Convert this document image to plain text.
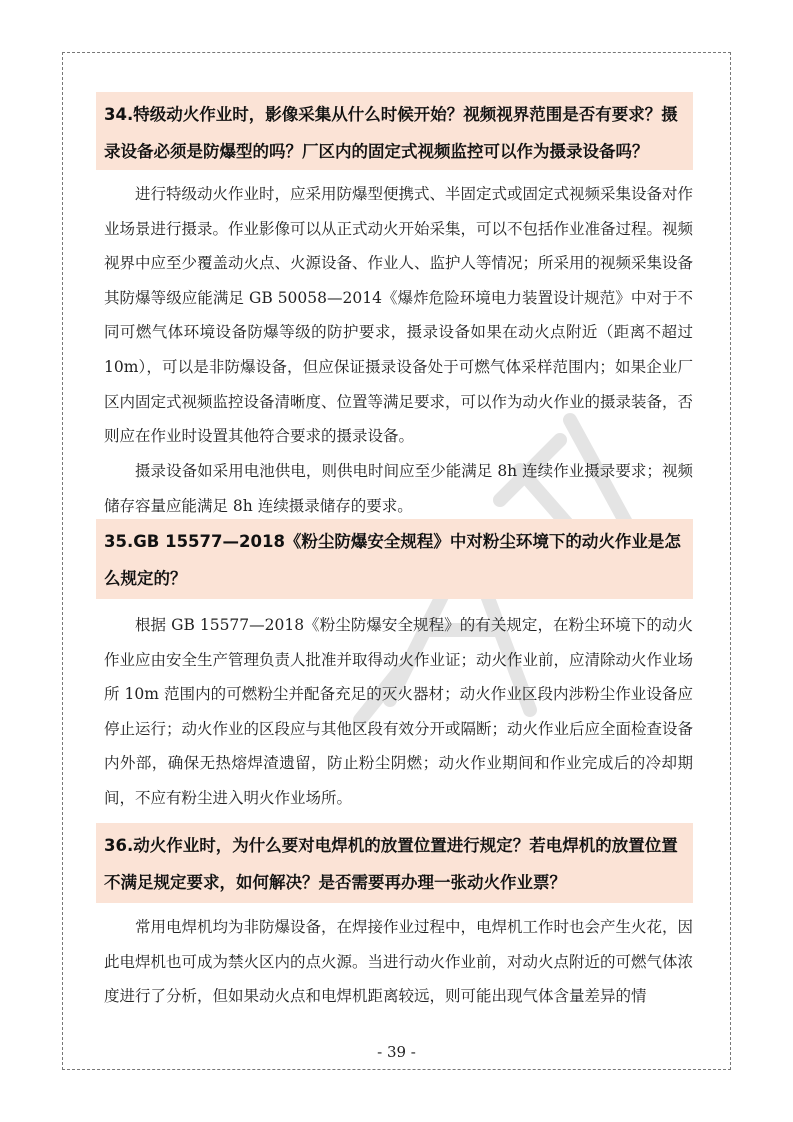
34.特级动火作业时，影像采集从什么时候开始？视频视界范围是否有要求？摄录设备必须是防爆型的吗？厂区内的固定式视频监控可以作为摄录设备吗？

进行特级动火作业时，应采用防爆型便携式、半固定式或固定式视频采集设备对作业场景进行摄录。作业影像可以从正式动火开始采集，可以不包括作业准备过程。视频视界中应至少覆盖动火点、火源设备、作业人、监护人等情况；所采用的视频采集设备其防爆等级应能满足 GB 50058—2014《爆炸危险环境电力装置设计规范》中对于不同可燃气体环境设备防爆等级的防护要求，摄录设备如果在动火点附近（距离不超过 10m），可以是非防爆设备，但应保证摄录设备处于可燃气体采样范围内；如果企业厂区内固定式视频监控设备清晰度、位置等满足要求，可以作为动火作业的摄录装备，否则应在作业时设置其他符合要求的摄录设备。

摄录设备如采用电池供电，则供电时间应至少能满足 8h 连续作业摄录要求；视频储存容量应能满足 8h 连续摄录储存的要求。

35.GB 15577—2018《粉尘防爆安全规程》中对粉尘环境下的动火作业是怎么规定的？

根据 GB 15577—2018《粉尘防爆安全规程》的有关规定，在粉尘环境下的动火作业应由安全生产管理负责人批准并取得动火作业证；动火作业前，应清除动火作业场所 10m 范围内的可燃粉尘并配备充足的灭火器材；动火作业区段内涉粉尘作业设备应停止运行；动火作业的区段应与其他区段有效分开或隔断；动火作业后应全面检查设备内外部，确保无热熔焊渣遗留，防止粉尘阴燃；动火作业期间和作业完成后的冷却期间，不应有粉尘进入明火作业场所。

36.动火作业时，为什么要对电焊机的放置位置进行规定？若电焊机的放置位置不满足规定要求，如何解决？是否需要再办理一张动火作业票？

常用电焊机均为非防爆设备，在焊接作业过程中，电焊机工作时也会产生火花，因此电焊机也可成为禁火区内的点火源。当进行动火作业前，对动火点附近的可燃气体浓度进行了分析，但如果动火点和电焊机距离较远，则可能出现气体含量差异的情

- 39 -
